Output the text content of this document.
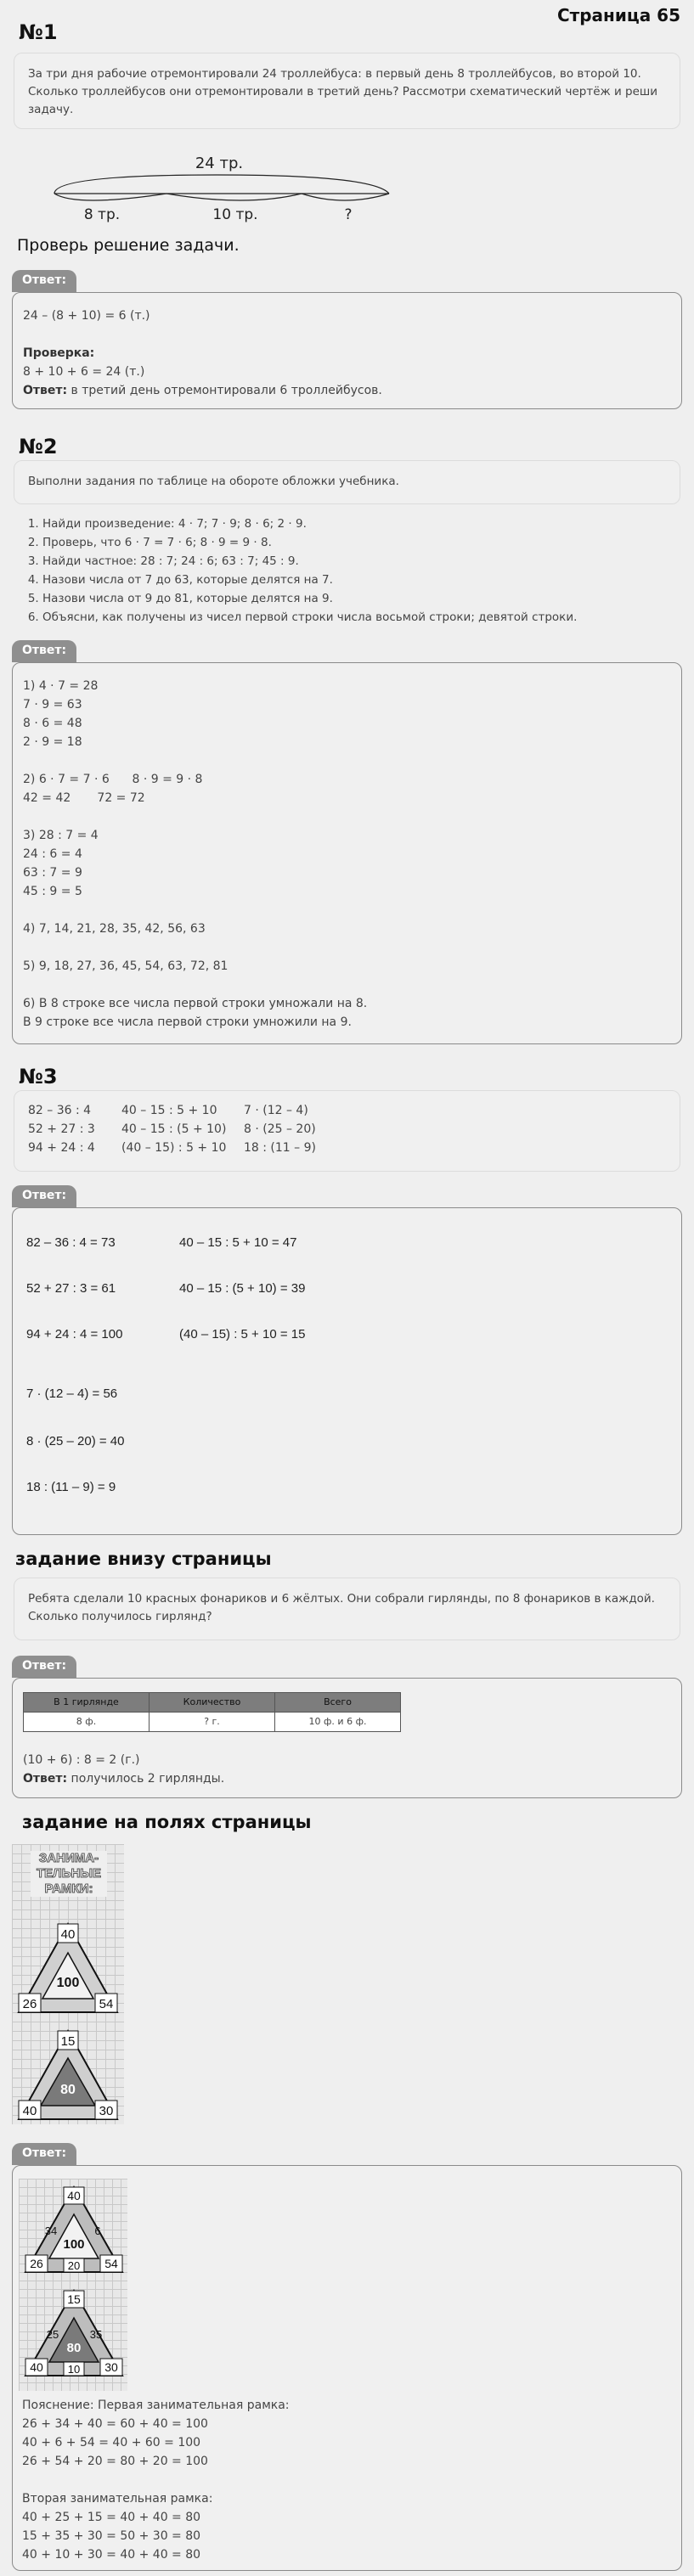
Страница 65
№1
За три дня рабочие отремонтировали 24 троллейбуса: в первый день 8 троллейбусов, во второй 10. Сколько троллейбусов они отремонтировали в третий день? Рассмотри схематический чертёж и реши задачу.
24 тр.
8 тр.	10 тр.	?
Проверь решение задачи.
Ответ:
24 – (8 + 10) = 6 (т.)
Проверка:
8 + 10 + 6 = 24 (т.)
Ответ: в третий день отремонтировали 6 троллейбусов.
№2
Выполни задания по таблице на обороте обложки учебника.
1. Найди произведение: 4 · 7; 7 · 9; 8 · 6; 2 · 9.
2. Проверь, что 6 · 7 = 7 · 6; 8 · 9 = 9 · 8.
3. Найди частное: 28 : 7; 24 : 6; 63 : 7; 45 : 9.
4. Назови числа от 7 до 63, которые делятся на 7.
5. Назови числа от 9 до 81, которые делятся на 9.
6. Объясни, как получены из чисел первой строки числа восьмой строки; девятой строки.
Ответ:
1) 4 · 7 = 28
7 · 9 = 63
8 · 6 = 48
2 · 9 = 18
2) 6 · 7 = 7 · 6      8 · 9 = 9 · 8
42 = 42       72 = 72
3) 28 : 7 = 4
24 : 6 = 4
63 : 7 = 9
45 : 9 = 5
4) 7, 14, 21, 28, 35, 42, 56, 63
5) 9, 18, 27, 36, 45, 54, 63, 72, 81
6) В 8 строке все числа первой строки умножали на 8.
В 9 строке все числа первой строки умножили на 9.
№3
82 – 36 : 4	40 – 15 : 5 + 10	7 · (12 – 4)
52 + 27 : 3	40 – 15 : (5 + 10)	8 · (25 – 20)
94 + 24 : 4	(40 – 15) : 5 + 10	18 : (11 – 9)
Ответ:
82 – 36 : 4 = 73
52 + 27 : 3 = 61
94 + 24 : 4 = 100
40 – 15 : 5 + 10 = 47
40 – 15 : (5 + 10) = 39
(40 – 15) : 5 + 10 = 15
7 · (12 – 4) = 56
8 · (25 – 20) = 40
18 : (11 – 9) = 9
задание внизу страницы
Ребята сделали 10 красных фонариков и 6 жёлтых. Они собрали гирлянды, по 8 фонариков в каждой. Сколько получилось гирлянд?
Ответ:
В 1 гирлянде	Количество	Всего
8 ф.	? г.	10 ф. и 6 ф.
(10 + 6) : 8 = 2 (г.)
Ответ: получилось 2 гирлянды.
задание на полях страницы
ЗАНИМА-ТЕЛЬНЫЕ РАМКИ:
40
100
26	54
15
80
40	30
Ответ:
40
100
26	54
34	6
20
15
80
40	30
25	35
10
Пояснение: Первая занимательная рамка:
26 + 34 + 40 = 60 + 40 = 100
40 + 6 + 54 = 40 + 60 = 100
26 + 54 + 20 = 80 + 20 = 100
Вторая занимательная рамка:
40 + 25 + 15 = 40 + 40 = 80
15 + 35 + 30 = 50 + 30 = 80
40 + 10 + 30 = 40 + 40 = 80
